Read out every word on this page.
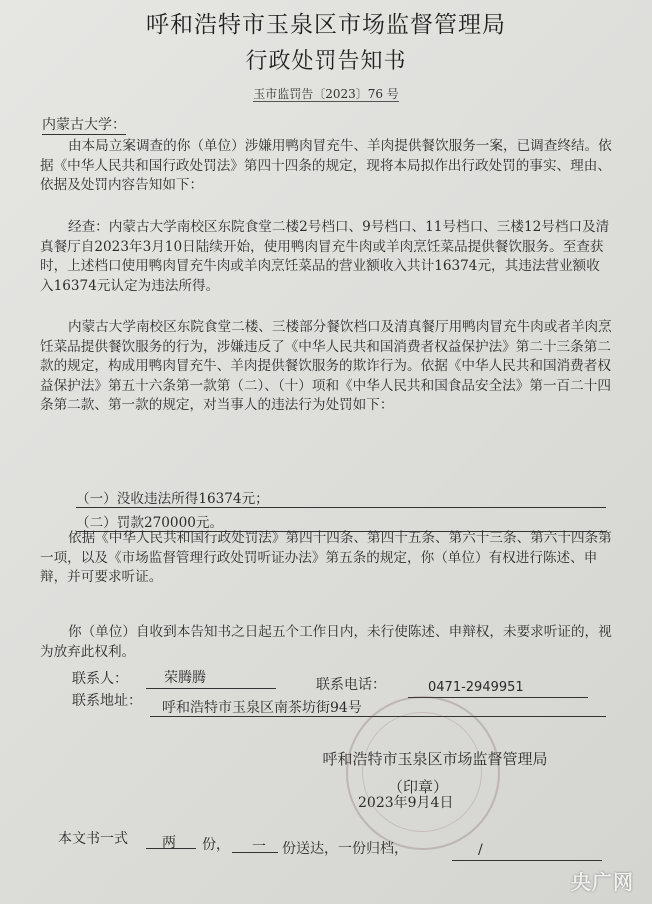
呼和浩特市玉泉区市场监督管理局
行政处罚告知书
玉市监罚告〔2023〕76 号
内蒙古大学：

由本局立案调查的你（单位）涉嫌用鸭肉冒充牛、羊肉提供餐饮服务一案，已调查终结。依据《中华人民共和国行政处罚法》第四十四条的规定，现将本局拟作出行政处罚的事实、理由、依据及处罚内容告知如下：

经查：内蒙古大学南校区东院食堂二楼2号档口、9号档口、11号档口、三楼12号档口及清真餐厅自2023年3月10日陆续开始，使用鸭肉冒充牛肉或羊肉烹饪菜品提供餐饮服务。至查获时，上述档口使用鸭肉冒充牛肉或羊肉烹饪菜品的营业额收入共计16374元，其违法营业额收入16374元认定为违法所得。

内蒙古大学南校区东院食堂二楼、三楼部分餐饮档口及清真餐厅用鸭肉冒充牛肉或者羊肉烹饪菜品提供餐饮服务的行为，涉嫌违反了《中华人民共和国消费者权益保护法》第二十三条第二款的规定，构成用鸭肉冒充牛、羊肉提供餐饮服务的欺诈行为。依据《中华人民共和国消费者权益保护法》第五十六条第一款第（二）、（十）项和《中华人民共和国食品安全法》第一百二十四条第二款、第一款的规定，对当事人的违法行为处罚如下：

（一）没收违法所得16374元；
（二）罚款270000元。

依据《中华人民共和国行政处罚法》第四十四条、第四十五条、第六十三条、第六十四条第一项，以及《市场监督管理行政处罚听证办法》第五条的规定，你（单位）有权进行陈述、申辩，并可要求听证。

你（单位）自收到本告知书之日起五个工作日内，未行使陈述、申辩权，未要求听证的，视为放弃此权利。

联系人：	荣腾腾	联系电话：	0471-2949951
联系地址： 呼和浩特市玉泉区南茶坊街94号
呼和浩特市玉泉区市场监督管理局
（印章）
2023年9月4日
本文书一式 两 份， 一 份送达，一份归档，	/
央广网
